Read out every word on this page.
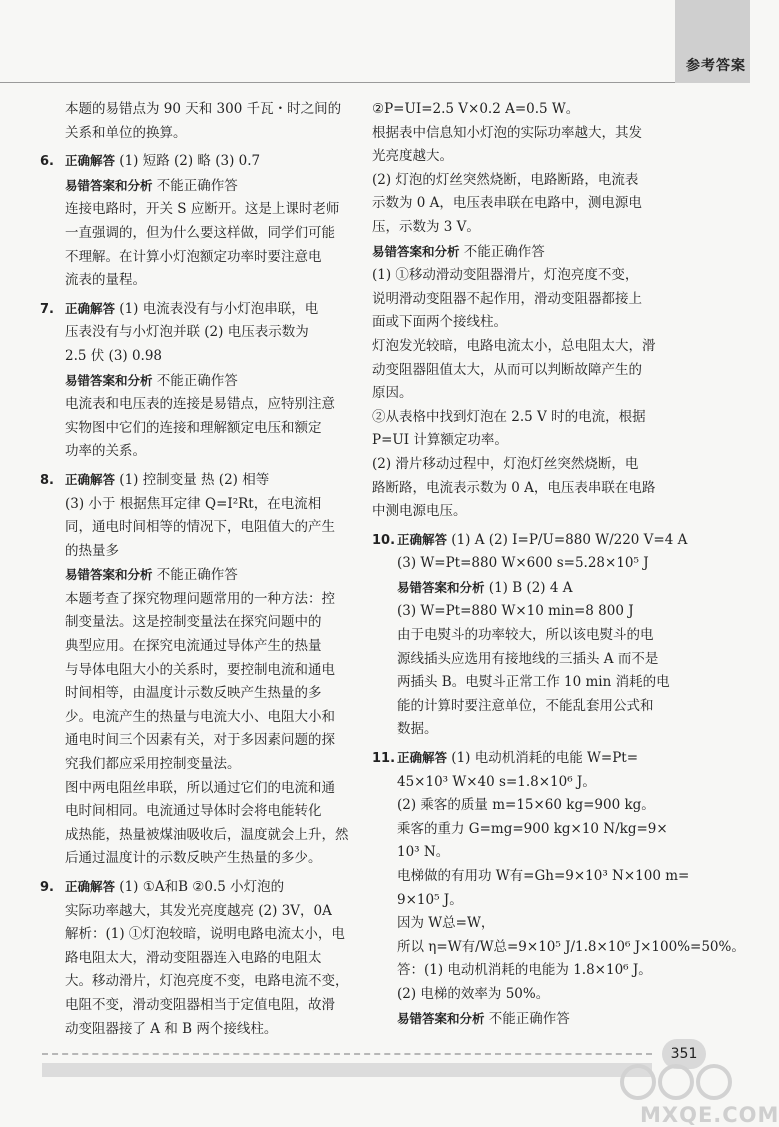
参考答案
本题的易错点为 90 天和 300 千瓦・时之间的
关系和单位的换算。
6. 正确解答 (1) 短路 (2) 略 (3) 0.7
易错答案和分析 不能正确作答
连接电路时，开关 S 应断开。这是上课时老师
一直强调的，但为什么要这样做，同学们可能
不理解。在计算小灯泡额定功率时要注意电
流表的量程。
7. 正确解答 (1) 电流表没有与小灯泡串联，电
压表没有与小灯泡并联 (2) 电压表示数为
2.5 伏 (3) 0.98
易错答案和分析 不能正确作答
电流表和电压表的连接是易错点，应特别注意
实物图中它们的连接和理解额定电压和额定
功率的关系。
8. 正确解答 (1) 控制变量 热 (2) 相等
(3) 小于 根据焦耳定律 Q=I²Rt，在电流相
同，通电时间相等的情况下，电阻值大的产生
的热量多
易错答案和分析 不能正确作答
本题考查了探究物理问题常用的一种方法：控
制变量法。这是控制变量法在探究问题中的
典型应用。在探究电流通过导体产生的热量
与导体电阻大小的关系时，要控制电流和通电
时间相等，由温度计示数反映产生热量的多
少。电流产生的热量与电流大小、电阻大小和
通电时间三个因素有关，对于多因素问题的探
究我们都应采用控制变量法。
图中两电阻丝串联，所以通过它们的电流和通
电时间相同。电流通过导体时会将电能转化
成热能，热量被煤油吸收后，温度就会上升，然
后通过温度计的示数反映产生热量的多少。
9. 正确解答 (1) ①A和B ②0.5 小灯泡的
实际功率越大，其发光亮度越亮 (2) 3V，0A
解析：(1) ①灯泡较暗，说明电路电流太小，电
路电阻太大，滑动变阻器连入电路的电阻太
大。移动滑片，灯泡亮度不变，电路电流不变，
电阻不变，滑动变阻器相当于定值电阻，故滑
动变阻器接了 A 和 B 两个接线柱。
②P=UI=2.5 V×0.2 A=0.5 W。
根据表中信息知小灯泡的实际功率越大，其发
光亮度越大。
(2) 灯泡的灯丝突然烧断，电路断路，电流表
示数为 0 A，电压表串联在电路中，测电源电
压，示数为 3 V。
易错答案和分析 不能正确作答
(1) ①移动滑动变阻器滑片，灯泡亮度不变，
说明滑动变阻器不起作用，滑动变阻器都接上
面或下面两个接线柱。
灯泡发光较暗，电路电流太小，总电阻太大，滑
动变阻器阻值太大，从而可以判断故障产生的
原因。
②从表格中找到灯泡在 2.5 V 时的电流，根据
P=UI 计算额定功率。
(2) 滑片移动过程中，灯泡灯丝突然烧断，电
路断路，电流表示数为 0 A，电压表串联在电路
中测电源电压。
10. 正确解答 (1) A (2) I=P/U=880 W/220 V=4 A
(3) W=Pt=880 W×600 s=5.28×10⁵ J
易错答案和分析 (1) B (2) 4 A
(3) W=Pt=880 W×10 min=8 800 J
由于电熨斗的功率较大，所以该电熨斗的电
源线插头应选用有接地线的三插头 A 而不是
两插头 B。电熨斗正常工作 10 min 消耗的电
能的计算时要注意单位，不能乱套用公式和
数据。
11. 正确解答 (1) 电动机消耗的电能 W=Pt=
45×10³ W×40 s=1.8×10⁶ J。
(2) 乘客的质量 m=15×60 kg=900 kg。
乘客的重力 G=mg=900 kg×10 N/kg=9×
10³ N。
电梯做的有用功 W有=Gh=9×10³ N×100 m=
9×10⁵ J。
因为 W总=W，
所以 η=W有/W总=9×10⁵ J/1.8×10⁶ J×100%=50%。
答：(1) 电动机消耗的电能为 1.8×10⁶ J。
(2) 电梯的效率为 50%。
易错答案和分析 不能正确作答
351
MXQE.COM
